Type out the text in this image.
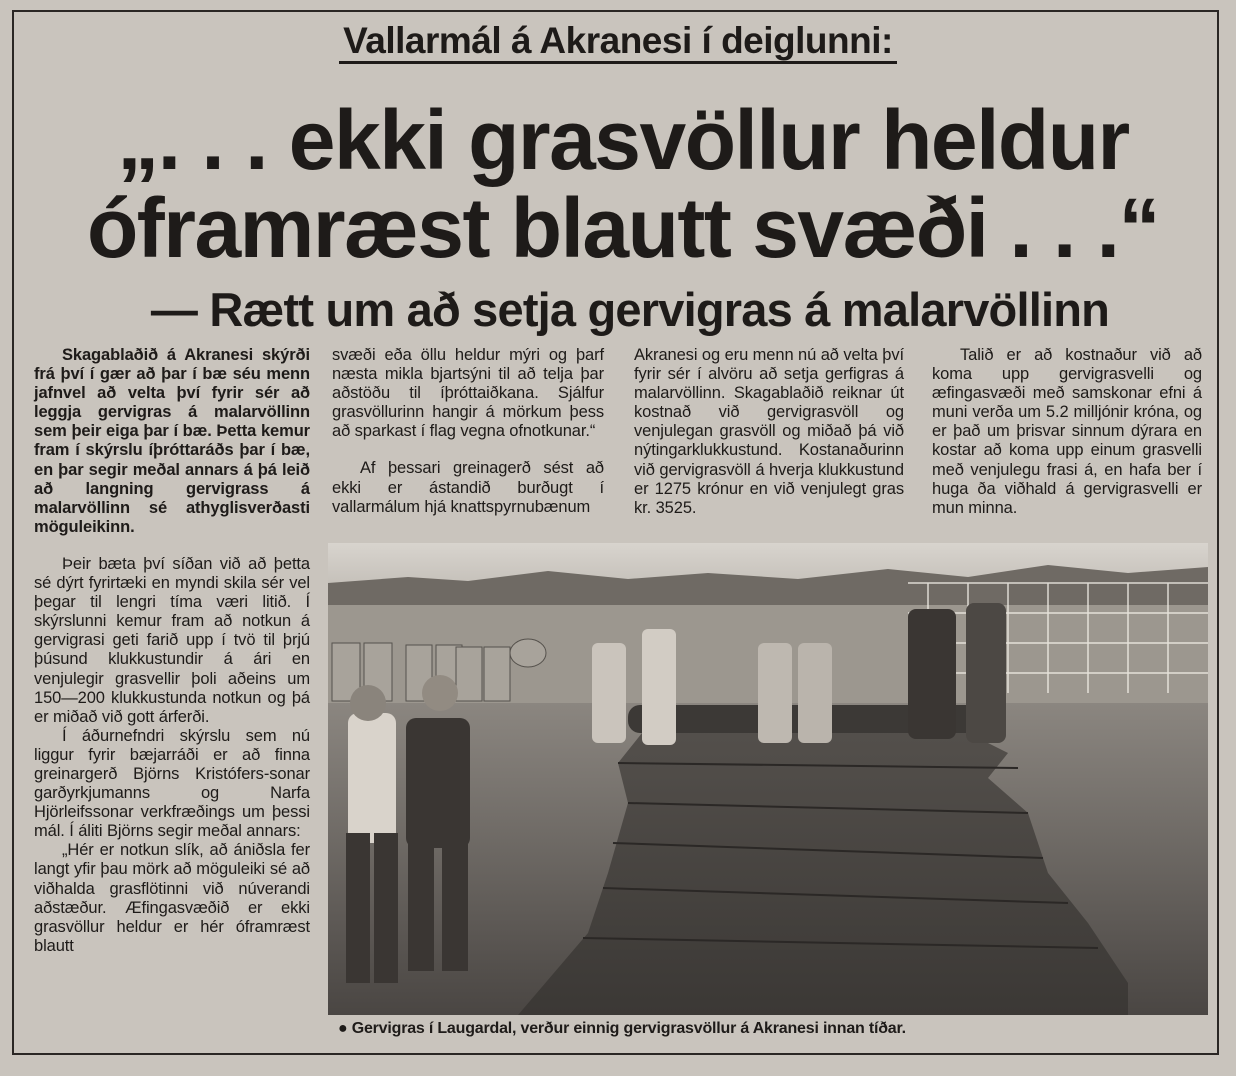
Vallarmál á Akranesi í deiglunni:
„. . . ekki grasvöllur heldur
óframræst blautt svæði . . .“
— Rætt um að setja gervigras á malarvöllinn

Skagablaðið á Akranesi skýrði frá því í gær að þar í bæ séu menn jafnvel að velta því fyrir sér að leggja gervigras á malarvöllinn sem þeir eiga þar í bæ. Þetta kemur fram í skýrslu íþróttaráðs þar í bæ, en þar segir meðal annars á þá leið að langning gervigrass á malarvöllinn sé athyglisverðasti möguleikinn.

Þeir bæta því síðan við að þetta sé dýrt fyrirtæki en myndi skila sér vel þegar til lengri tíma væri litið. Í skýrslunni kemur fram að notkun á gervigrasi geti farið upp í tvö til þrjú þúsund klukkustundir á ári en venjulegir grasvellir þoli aðeins um 150—200 klukkustunda notkun og þá er miðað við gott árferði.

Í áðurnefndri skýrslu sem nú liggur fyrir bæjarráði er að finna greinargerð Björns Kristófers-sonar garðyrkjumanns og Narfa Hjörleifssonar verkfræðings um þessi mál. Í áliti Björns segir meðal annars:

„Hér er notkun slík, að ániðsla fer langt yfir þau mörk að möguleiki sé að viðhalda grasflötinni við núverandi aðstæður. Æfingasvæðið er ekki grasvöllur heldur er hér óframræst blautt

svæði eða öllu heldur mýri og þarf næsta mikla bjartsýni til að telja þar aðstöðu til íþróttaiðkana. Sjálfur grasvöllurinn hangir á mörkum þess að sparkast í flag vegna ofnotkunar.“

Af þessari greinagerð sést að ekki er ástandið burðugt í vallarmálum hjá knattspyrnubænum

Akranesi og eru menn nú að velta því fyrir sér í alvöru að setja gerfigras á malarvöllinn. Skagablaðið reiknar út kostnað við gervigrasvöll og venjulegan grasvöll og miðað þá við nýtingarklukkustund. Kostanaðurinn við gervigrasvöll á hverja klukkustund er 1275 krónur en við venjulegt gras kr. 3525.

Talið er að kostnaður við að koma upp gervigrasvelli og æfingasvæði með samskonar efni á muni verða um 5.2 milljónir króna, og er það um þrisvar sinnum dýrara en kostar að koma upp einum grasvelli með venjulegu frasi á, en hafa ber í huga ða viðhald á gervigrasvelli er mun minna.

● Gervigras í Laugardal, verður einnig gervigrasvöllur á Akranesi innan tíðar.
